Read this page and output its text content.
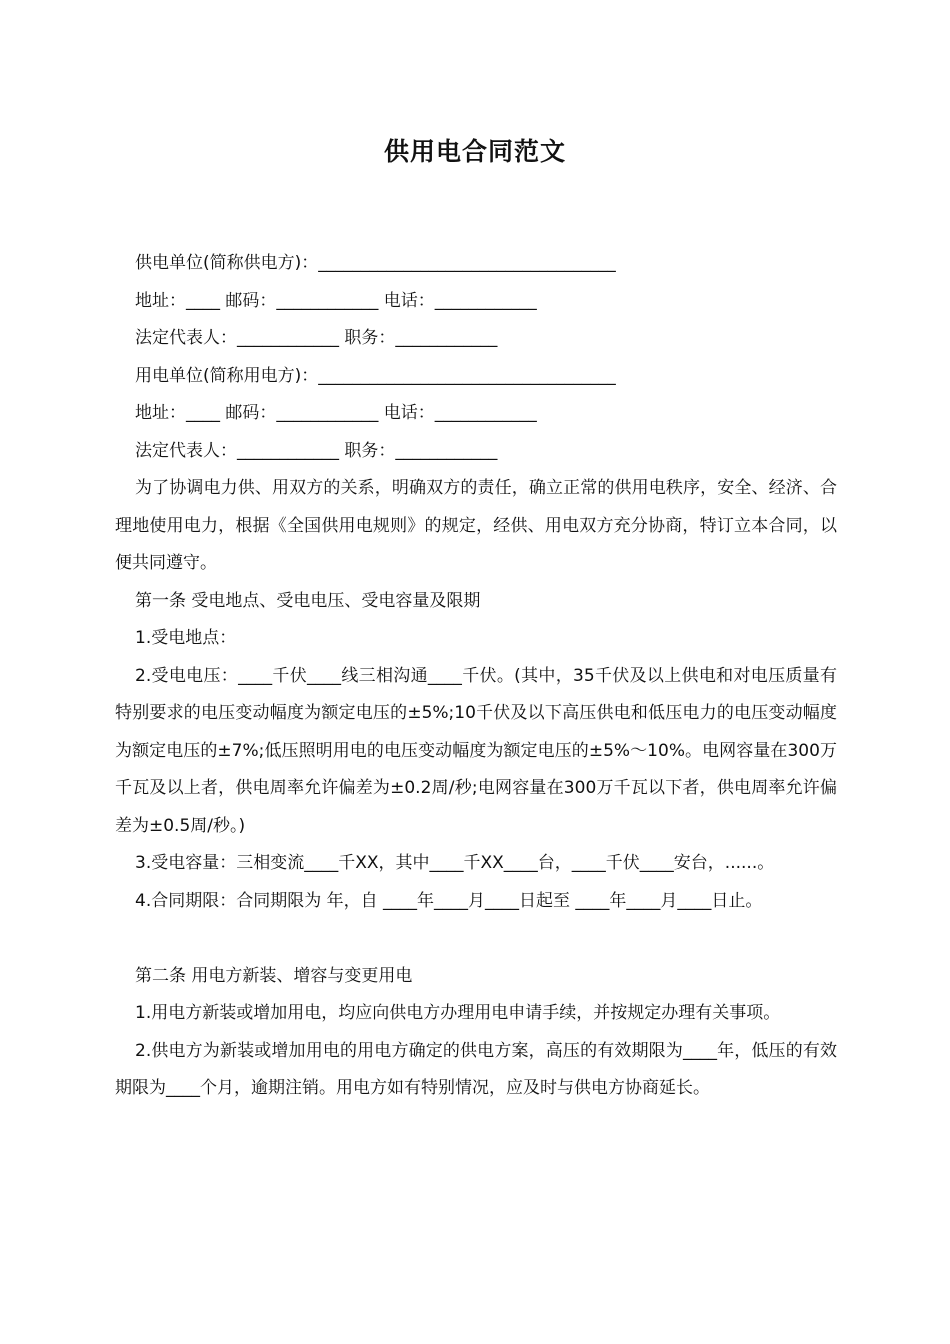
供用电合同范文

供电单位(简称供电方)：___________________________________

地址：____ 邮码：____________ 电话：____________

法定代表人：____________ 职务：____________

用电单位(简称用电方)：___________________________________

地址：____ 邮码：____________ 电话：____________

法定代表人：____________ 职务：____________

为了协调电力供、用双方的关系，明确双方的责任，确立正常的供用电秩序，安全、经济、合理地使用电力，根据《全国供用电规则》的规定，经供、用电双方充分协商，特订立本合同，以便共同遵守。

第一条 受电地点、受电电压、受电容量及限期

1.受电地点：

2.受电电压：____千伏____线三相沟通____千伏。(其中，35千伏及以上供电和对电压质量有特别要求的电压变动幅度为额定电压的±5%;10千伏及以下高压供电和低压电力的电压变动幅度为额定电压的±7%;低压照明用电的电压变动幅度为额定电压的±5%～10%。电网容量在300万千瓦及以上者，供电周率允许偏差为±0.2周/秒;电网容量在300万千瓦以下者，供电周率允许偏差为±0.5周/秒。)

3.受电容量：三相变流____千XX，其中____千XX____台，____千伏____安台，......。

4.合同期限：合同期限为 年，自 ____年____月____日起至 ____年____月____日止。

第二条 用电方新装、增容与变更用电

1.用电方新装或增加用电，均应向供电方办理用电申请手续，并按规定办理有关事项。

2.供电方为新装或增加用电的用电方确定的供电方案，高压的有效期限为____年，低压的有效期限为____个月，逾期注销。用电方如有特别情况，应及时与供电方协商延长。
